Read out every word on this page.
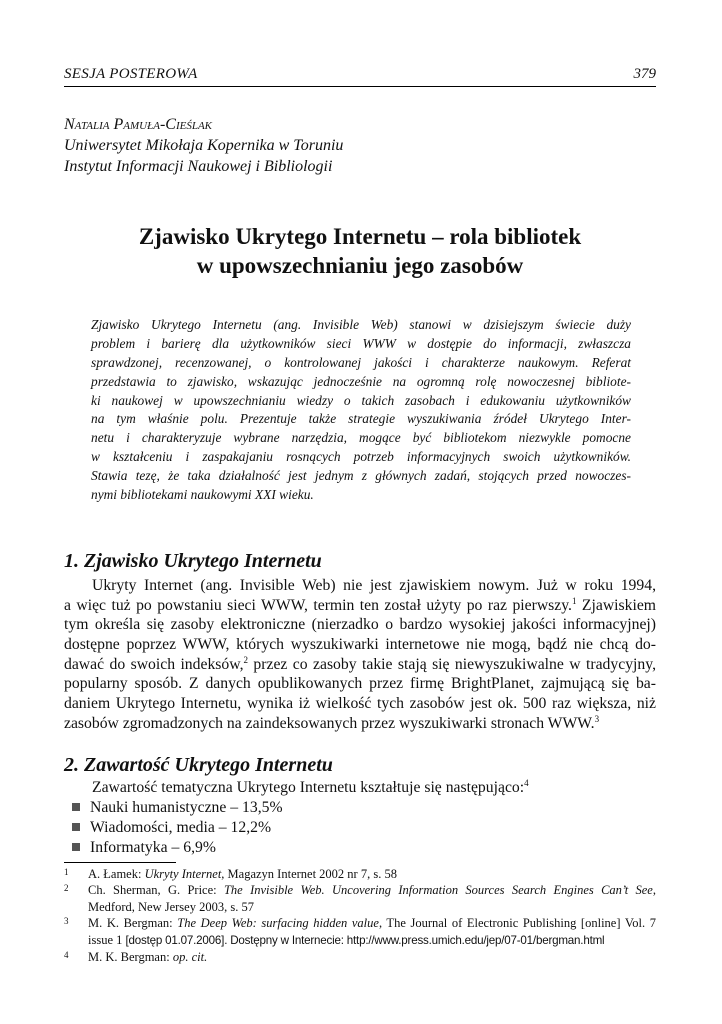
SESJA POSTEROWA	379
Natalia Pamuła-Cieślak
Uniwersytet Mikołaja Kopernika w Toruniu
Instytut Informacji Naukowej i Bibliologii
Zjawisko Ukrytego Internetu – rola bibliotek
w upowszechnianiu jego zasobów
Zjawisko Ukrytego Internetu (ang. Invisible Web) stanowi w dzisiejszym świecie duży
problem i barierę dla użytkowników sieci WWW w dostępie do informacji, zwłaszcza
sprawdzonej, recenzowanej, o kontrolowanej jakości i charakterze naukowym. Referat
przedstawia to zjawisko, wskazując jednocześnie na ogromną rolę nowoczesnej bibliote-
ki naukowej w upowszechnianiu wiedzy o takich zasobach i edukowaniu użytkowników
na tym właśnie polu. Prezentuje także strategie wyszukiwania źródeł Ukrytego Inter-
netu i charakteryzuje wybrane narzędzia, mogące być bibliotekom niezwykle pomocne
w kształceniu i zaspakajaniu rosnących potrzeb informacyjnych swoich użytkowników.
Stawia tezę, że taka działalność jest jednym z głównych zadań, stojących przed nowoczes-
nymi bibliotekami naukowymi XXI wieku.
1. Zjawisko Ukrytego Internetu
Ukryty Internet (ang. Invisible Web) nie jest zjawiskiem nowym. Już w roku 1994,
a więc tuż po powstaniu sieci WWW, termin ten został użyty po raz pierwszy.$^1$ Zjawiskiem
tym określa się zasoby elektroniczne (nierzadko o bardzo wysokiej jakości informacyjnej)
dostępne poprzez WWW, których wyszukiwarki internetowe nie mogą, bądź nie chcą do-
dawać do swoich indeksów,$^2$ przez co zasoby takie stają się niewyszukiwalne w tradycyjny,
popularny sposób. Z danych opublikowanych przez firmę BrightPlanet, zajmującą się ba-
daniem Ukrytego Internetu, wynika iż wielkość tych zasobów jest ok. 500 raz większa, niż
zasobów zgromadzonych na zaindeksowanych przez wyszukiwarki stronach WWW.$^3$
2. Zawartość Ukrytego Internetu
Zawartość tematyczna Ukrytego Internetu kształtuje się następująco:$^4$
Nauki humanistyczne – 13,5%
Wiadomości, media – 12,2%
Informatyka – 6,9%
1 A. Łamek: Ukryty Internet, Magazyn Internet 2002 nr 7, s. 58
2 Ch. Sherman, G. Price: The Invisible Web. Uncovering Information Sources Search Engines Can’t See,
Medford, New Jersey 2003, s. 57
3 M. K. Bergman: The Deep Web: surfacing hidden value, The Journal of Electronic Publishing [online] Vol. 7
issue 1 [dostęp 01.07.2006]. Dostępny w Internecie: http://www.press.umich.edu/jep/07-01/bergman.html
4 M. K. Bergman: op. cit.
